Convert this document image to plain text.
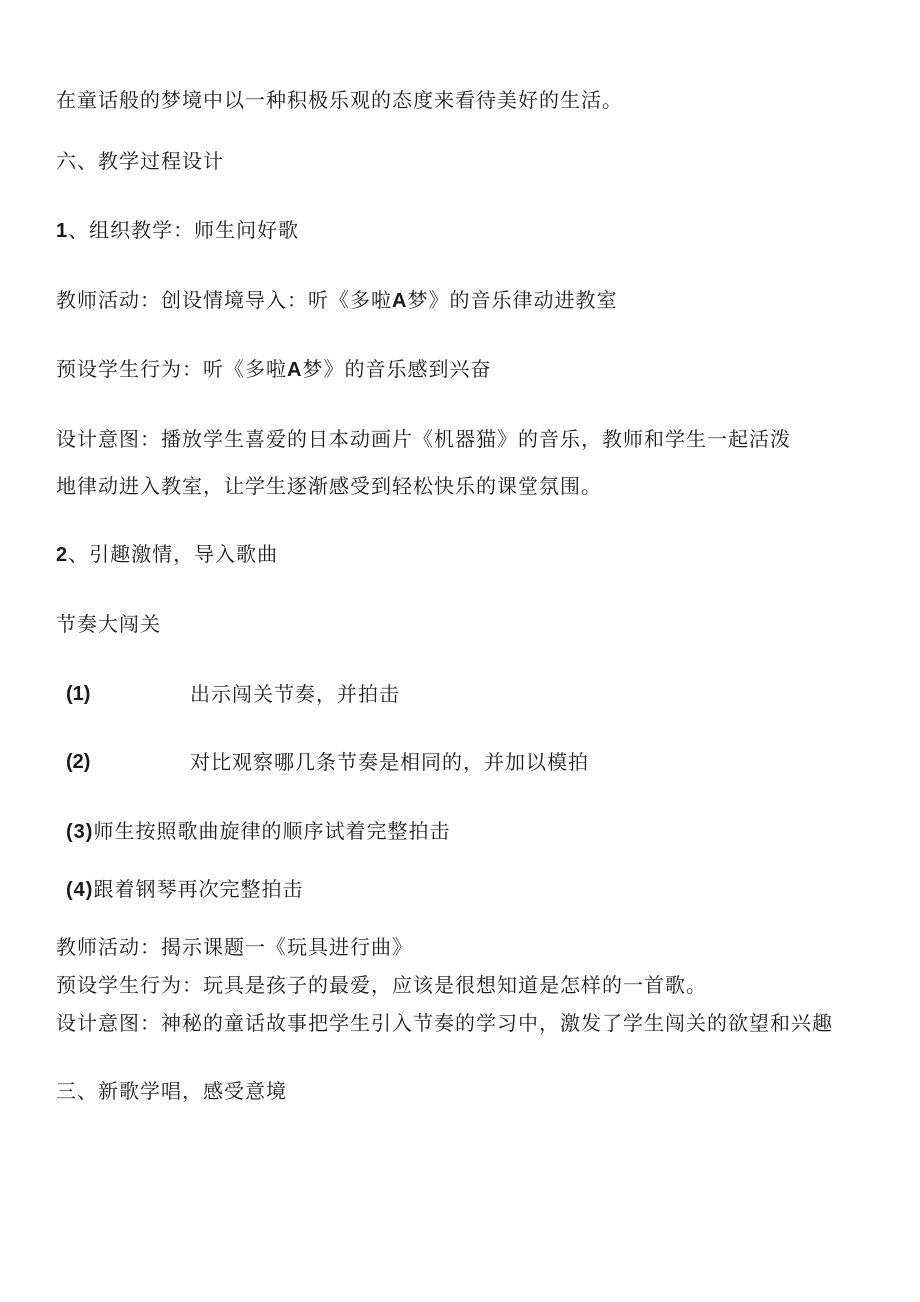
在童话般的梦境中以一种积极乐观的态度来看待美好的生活。
六、教学过程设计
1、组织教学：师生问好歌
教师活动：创设情境导入：听《多啦A梦》的音乐律动进教室
预设学生行为：听《多啦A梦》的音乐感到兴奋
设计意图：播放学生喜爱的日本动画片《机器猫》的音乐，教师和学生一起活泼
地律动进入教室，让学生逐渐感受到轻松快乐的课堂氛围。
2、引趣激情，导入歌曲
节奏大闯关
(1)	出示闯关节奏，并拍击
(2)	对比观察哪几条节奏是相同的，并加以模拍
(3)师生按照歌曲旋律的顺序试着完整拍击
(4)跟着钢琴再次完整拍击
教师活动：揭示课题一《玩具进行曲》
预设学生行为：玩具是孩子的最爱，应该是很想知道是怎样的一首歌。
设计意图：神秘的童话故事把学生引入节奏的学习中，激发了学生闯关的欲望和兴趣
三、新歌学唱，感受意境
